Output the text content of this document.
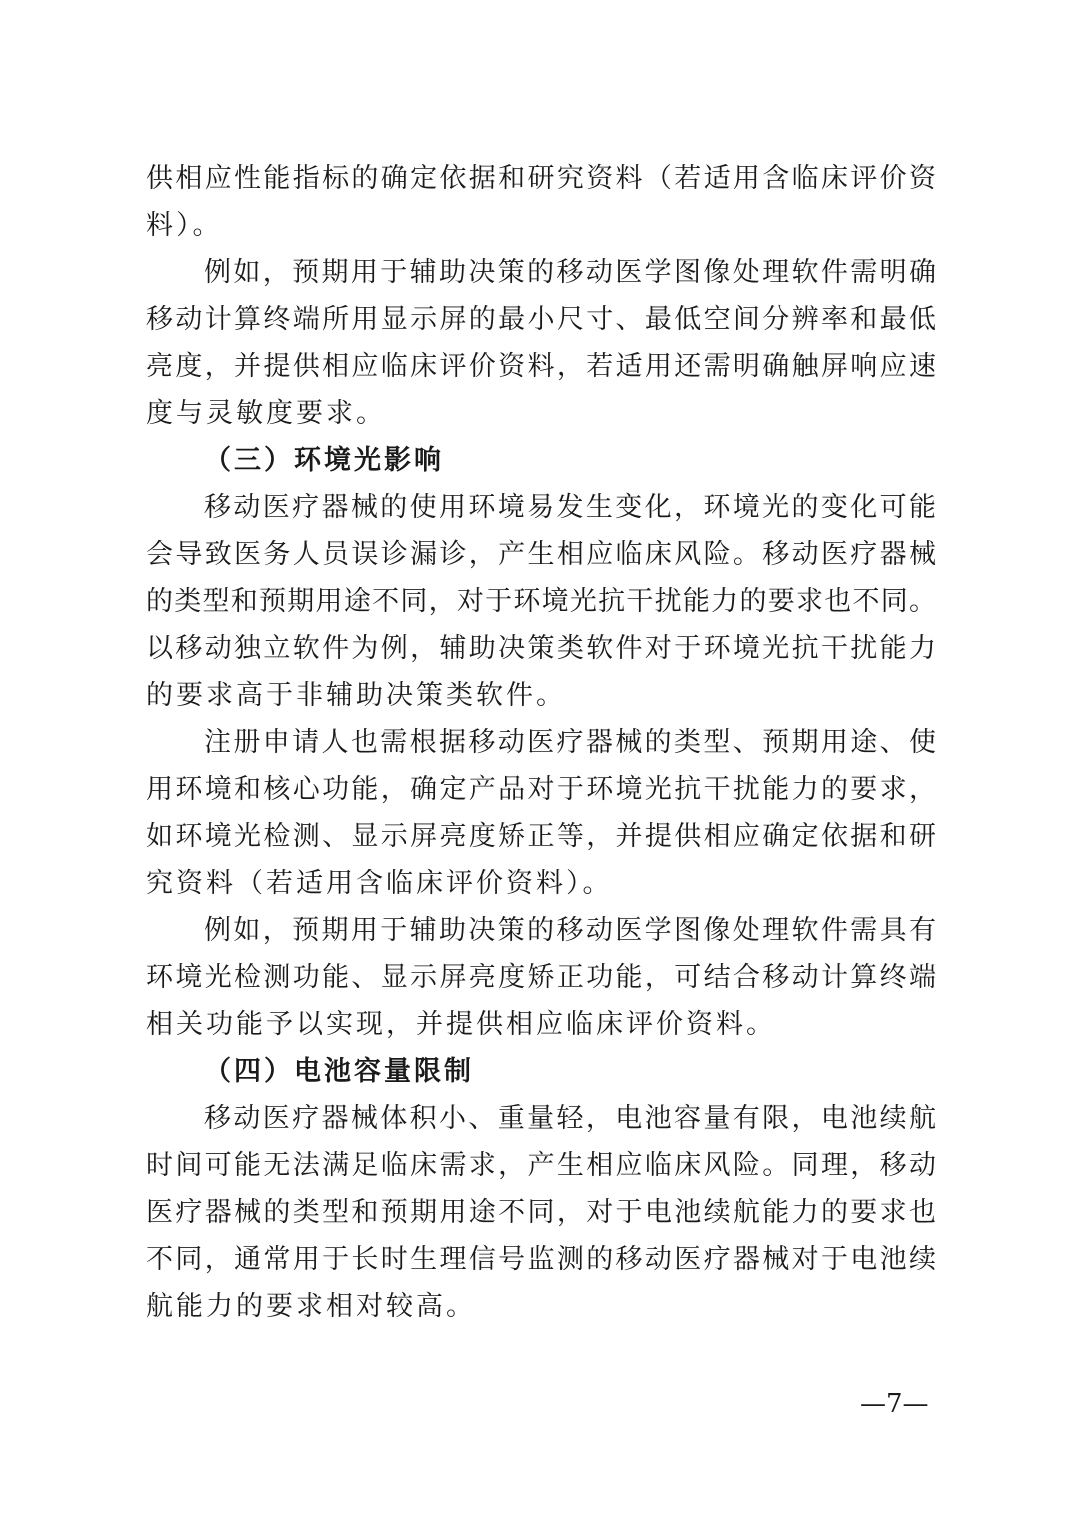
供相应性能指标的确定依据和研究资料（若适用含临床评价资
料）。
例如，预期用于辅助决策的移动医学图像处理软件需明确
移动计算终端所用显示屏的最小尺寸、最低空间分辨率和最低
亮度，并提供相应临床评价资料，若适用还需明确触屏响应速
度与灵敏度要求。
（三）环境光影响
移动医疗器械的使用环境易发生变化，环境光的变化可能
会导致医务人员误诊漏诊，产生相应临床风险。移动医疗器械
的类型和预期用途不同，对于环境光抗干扰能力的要求也不同。
以移动独立软件为例，辅助决策类软件对于环境光抗干扰能力
的要求高于非辅助决策类软件。
注册申请人也需根据移动医疗器械的类型、预期用途、使
用环境和核心功能，确定产品对于环境光抗干扰能力的要求，
如环境光检测、显示屏亮度矫正等，并提供相应确定依据和研
究资料（若适用含临床评价资料）。
例如，预期用于辅助决策的移动医学图像处理软件需具有
环境光检测功能、显示屏亮度矫正功能，可结合移动计算终端
相关功能予以实现，并提供相应临床评价资料。
（四）电池容量限制
移动医疗器械体积小、重量轻，电池容量有限，电池续航
时间可能无法满足临床需求，产生相应临床风险。同理，移动
医疗器械的类型和预期用途不同，对于电池续航能力的要求也
不同，通常用于长时生理信号监测的移动医疗器械对于电池续
航能力的要求相对较高。
—7—
